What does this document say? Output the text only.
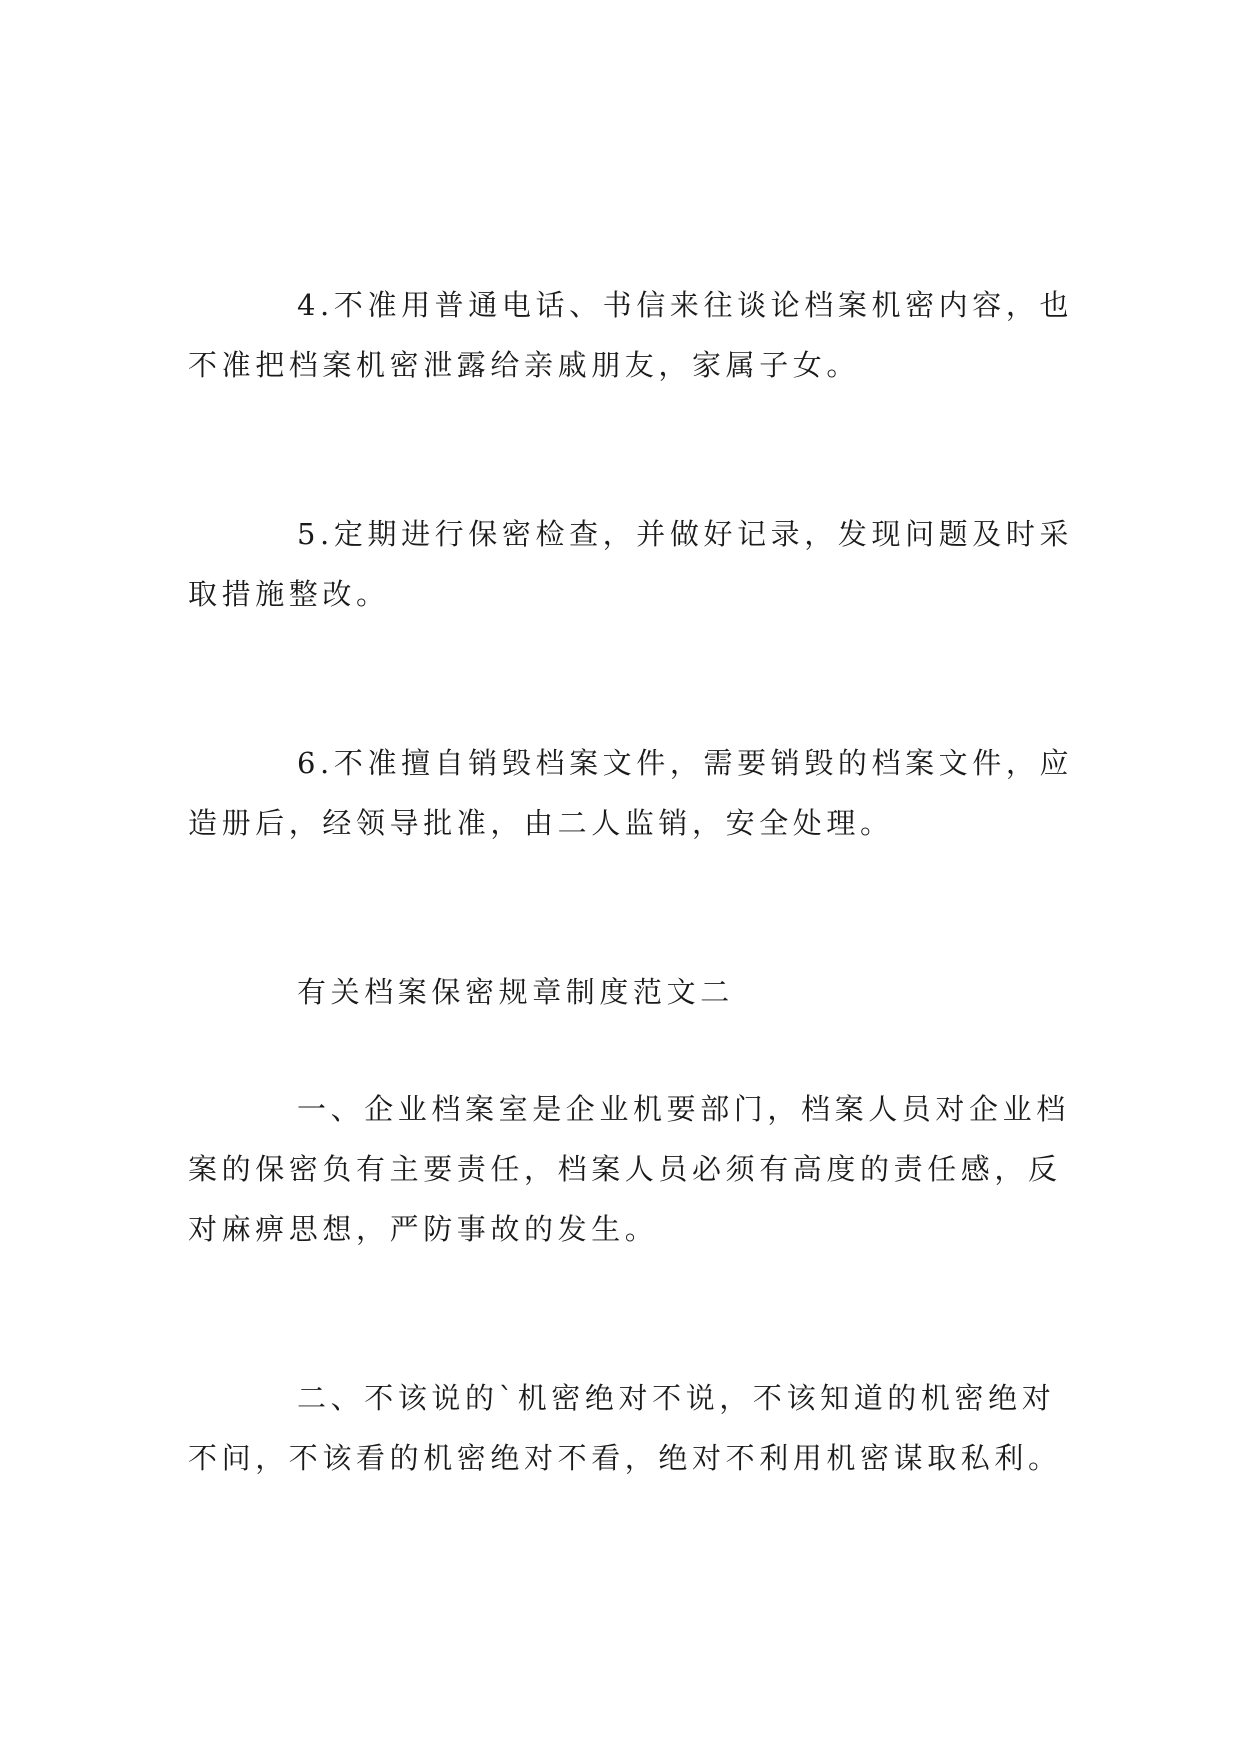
4.不准用普通电话、书信来往谈论档案机密内容，也
不准把档案机密泄露给亲戚朋友，家属子女。
5.定期进行保密检查，并做好记录，发现问题及时采
取措施整改。
6.不准擅自销毁档案文件，需要销毁的档案文件，应
造册后，经领导批准，由二人监销，安全处理。
有关档案保密规章制度范文二
一、企业档案室是企业机要部门，档案人员对企业档
案的保密负有主要责任，档案人员必须有高度的责任感，反
对麻痹思想，严防事故的发生。
二、不该说的`机密绝对不说，不该知道的机密绝对
不问，不该看的机密绝对不看，绝对不利用机密谋取私利。
